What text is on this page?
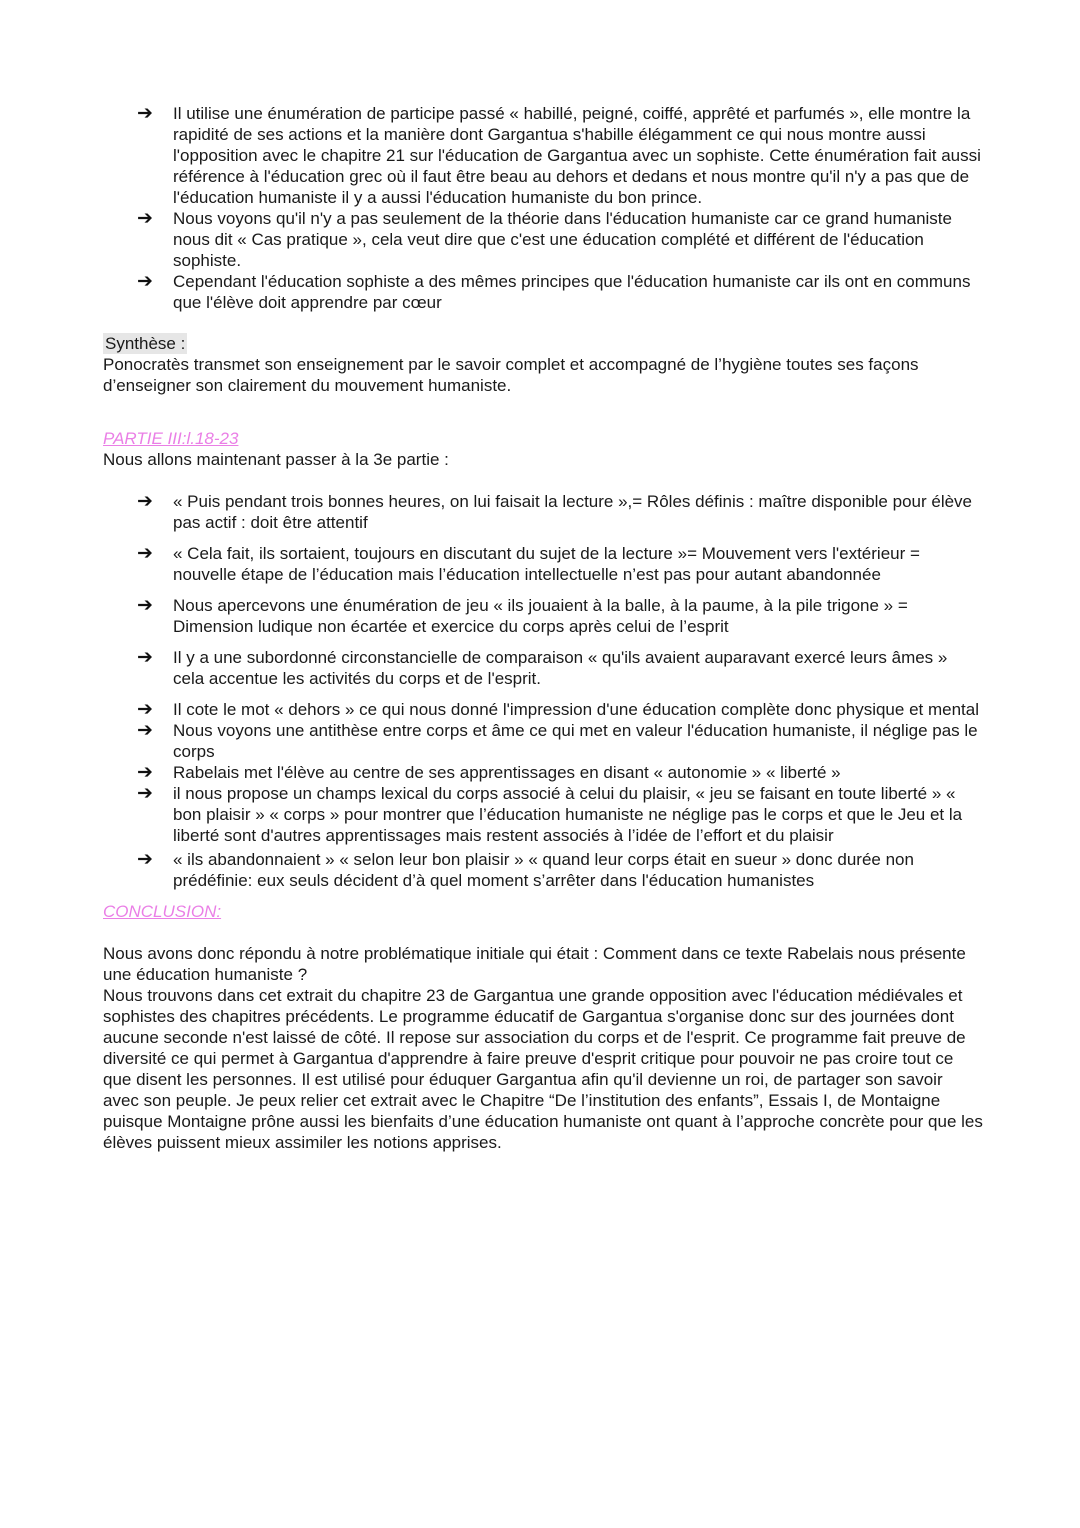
➔ Il utilise une énumération de participe passé « habillé, peigné, coiffé, apprêté et parfumés », elle montre la rapidité de ses actions et la manière dont Gargantua s'habille élégamment ce qui nous montre aussi l'opposition avec le chapitre 21 sur l'éducation de Gargantua avec un sophiste. Cette énumération fait aussi référence à l'éducation grec où il faut être beau au dehors et dedans et nous montre qu'il n'y a pas que de l'éducation humaniste il y a aussi l'éducation humaniste du bon prince.
➔ Nous voyons qu'il n'y a pas seulement de la théorie dans l'éducation humaniste car ce grand humaniste nous dit « Cas pratique », cela veut dire que c'est une éducation complété et différent de l'éducation sophiste.
➔ Cependant l'éducation sophiste a des mêmes principes que l'éducation humaniste car ils ont en communs que l'élève doit apprendre par cœur
Synthèse :

Ponocratès transmet son enseignement par le savoir complet et accompagné de l’hygiène toutes ses façons d’enseigner son clairement du mouvement humaniste.

PARTIE III:l.18-23

Nous allons maintenant passer à la 3e partie :

➔ « Puis pendant trois bonnes heures, on lui faisait la lecture »,= Rôles définis : maître disponible pour élève pas actif : doit être attentif
➔ « Cela fait, ils sortaient, toujours en discutant du sujet de la lecture »= Mouvement vers l'extérieur = nouvelle étape de l’éducation mais l’éducation intellectuelle n’est pas pour autant abandonnée
➔ Nous apercevons une énumération de jeu « ils jouaient à la balle, à la paume, à la pile trigone » = Dimension ludique non écartée et exercice du corps après celui de l’esprit
➔ Il y a une subordonné circonstancielle de comparaison « qu'ils avaient auparavant exercé leurs âmes » cela accentue les activités du corps et de l'esprit.
➔ Il cote le mot « dehors » ce qui nous donné l'impression d'une éducation complète donc physique et mental
➔ Nous voyons une antithèse entre corps et âme ce qui met en valeur l'éducation humaniste, il néglige pas le corps
➔ Rabelais met l'élève au centre de ses apprentissages en disant « autonomie » « liberté »
➔ il nous propose un champs lexical du corps associé à celui du plaisir, « jeu se faisant en toute liberté » « bon plaisir » « corps » pour montrer que l’éducation humaniste ne néglige pas le corps et que le Jeu et la liberté sont d'autres apprentissages mais restent associés à l’idée de l’effort et du plaisir
➔ « ils abandonnaient » « selon leur bon plaisir » « quand leur corps était en sueur » donc durée non prédéfinie: eux seuls décident d’à quel moment s’arrêter dans l'éducation humanistes
CONCLUSION:

Nous avons donc répondu à notre problématique initiale qui était : Comment dans ce texte Rabelais nous présente une éducation humaniste ?

Nous trouvons dans cet extrait du chapitre 23 de Gargantua une grande opposition avec l'éducation médiévales et sophistes des chapitres précédents. Le programme éducatif de Gargantua s'organise donc sur des journées dont aucune seconde n'est laissé de côté. Il repose sur association du corps et de l'esprit. Ce programme fait preuve de diversité ce qui permet à Gargantua d'apprendre à faire preuve d'esprit critique pour pouvoir ne pas croire tout ce que disent les personnes. Il est utilisé pour éduquer Gargantua afin qu'il devienne un roi, de partager son savoir avec son peuple. Je peux relier cet extrait avec le Chapitre “De l’institution des enfants”, Essais I, de Montaigne puisque Montaigne prône aussi les bienfaits d’une éducation humaniste ont quant à l’approche concrète pour que les élèves puissent mieux assimiler les notions apprises.
